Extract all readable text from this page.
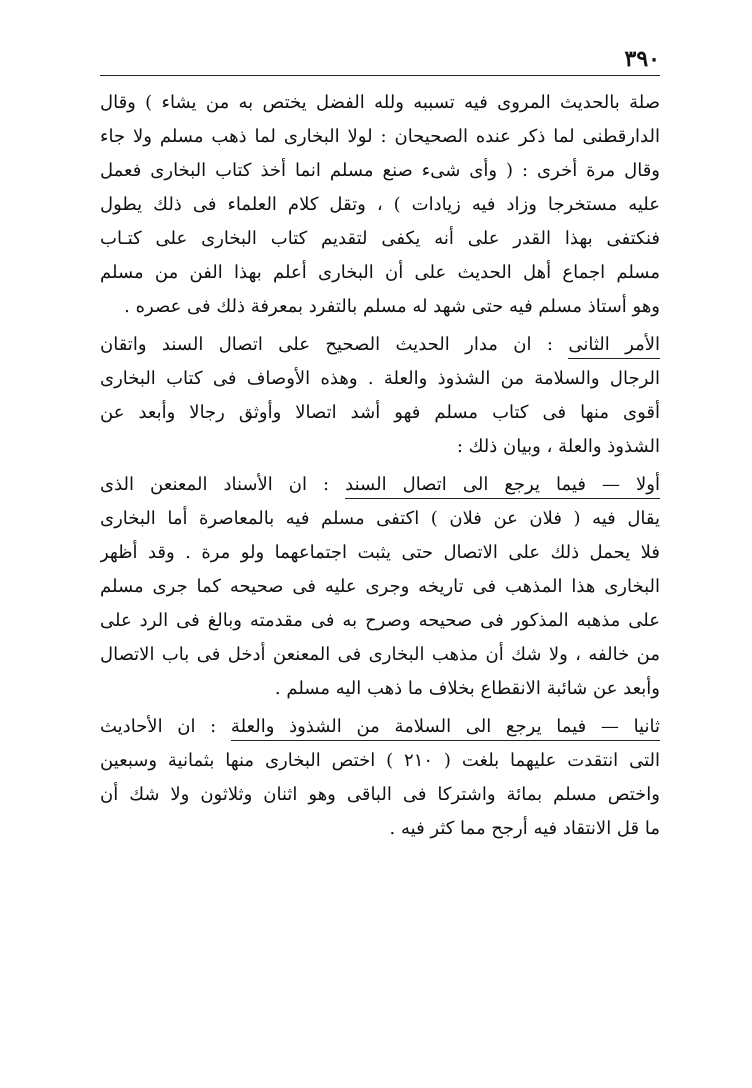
٣٩٠
صلة بالحديث المروى فيه تسببه ولله الفضل يختص به من يشاء ) وقال
الدارقطنى لما ذكر عنده الصحيحان : لولا البخارى لما ذهب مسلم ولا جاء
وقال مرة أخرى : ( وأى شىء صنع مسلم انما أخذ كتاب البخارى فعمل
عليه مستخرجا وزاد فيه زيادات ) ، وتقل كلام العلماء فى ذلك يطول
فنكتفى بهذا القدر على أنه يكفى لتقديم كتاب البخارى على كتـاب
مسلم اجماع أهل الحديث على أن البخارى أعلم بهذا الفن من مسلم
وهو أستاذ مسلم فيه حتى شهد له مسلم بالتفرد بمعرفة ذلك فى عصره .
الأمر الثانى : ان مدار الحديث الصحيح على اتصال السند واتقان
الرجال والسلامة من الشذوذ والعلة . وهذه الأوصاف فى كتاب البخارى
أقوى منها فى كتاب مسلم فهو أشد اتصالا وأوثق رجالا وأبعد عن
الشذوذ والعلة ، وبيان ذلك :
أولا — فيما يرجع الى اتصال السند : ان الأسناد المعنعن الذى
يقال فيه ( فلان عن فلان ) اكتفى مسلم فيه بالمعاصرة أما البخارى
فلا يحمل ذلك على الاتصال حتى يثبت اجتماعهما ولو مرة . وقد أظهر
البخارى هذا المذهب فى تاريخه وجرى عليه فى صحيحه كما جرى مسلم
على مذهبه المذكور فى صحيحه وصرح به فى مقدمته وبالغ فى الرد على
من خالفه ، ولا شك أن مذهب البخارى فى المعنعن أدخل فى باب الاتصال
وأبعد عن شائبة الانقطاع بخلاف ما ذهب اليه مسلم .
ثانيا — فيما يرجع الى السلامة من الشذوذ والعلة : ان الأحاديث
التى انتقدت عليهما بلغت ( ٢١٠ ) اختص البخارى منها بثمانية وسبعين
واختص مسلم بمائة واشتركا فى الباقى وهو اثنان وثلاثون ولا شك أن
ما قل الانتقاد فيه أرجح مما كثر فيه .
